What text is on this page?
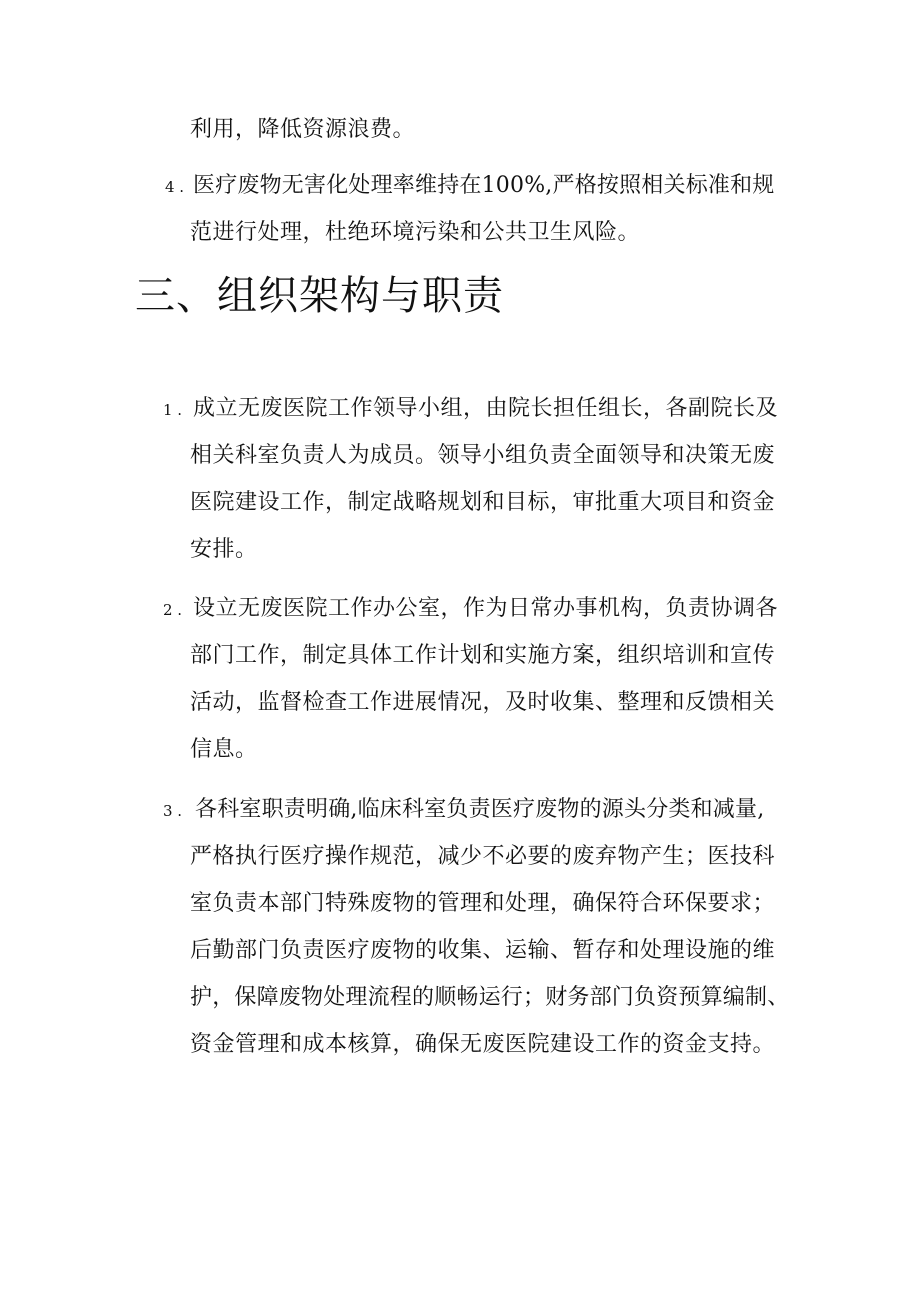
利用，降低资源浪费。
4 . 医疗废物无害化处理率维持在100%,严格按照相关标准和规
范进行处理，杜绝环境污染和公共卫生风险。
三、组织架构与职责
1 . 成立无废医院工作领导小组，由院长担任组长，各副院长及
相关科室负责人为成员。领导小组负责全面领导和决策无废
医院建设工作，制定战略规划和目标，审批重大项目和资金
安排。
2 . 设立无废医院工作办公室，作为日常办事机构，负责协调各
部门工作，制定具体工作计划和实施方案，组织培训和宣传
活动，监督检查工作进展情况，及时收集、整理和反馈相关
信息。
3 . 各科室职责明确,临床科室负责医疗废物的源头分类和减量,
严格执行医疗操作规范，减少不必要的废弃物产生；医技科
室负责本部门特殊废物的管理和处理，确保符合环保要求；
后勤部门负责医疗废物的收集、运输、暂存和处理设施的维
护，保障废物处理流程的顺畅运行；财务部门负资预算编制、
资金管理和成本核算，确保无废医院建设工作的资金支持。
